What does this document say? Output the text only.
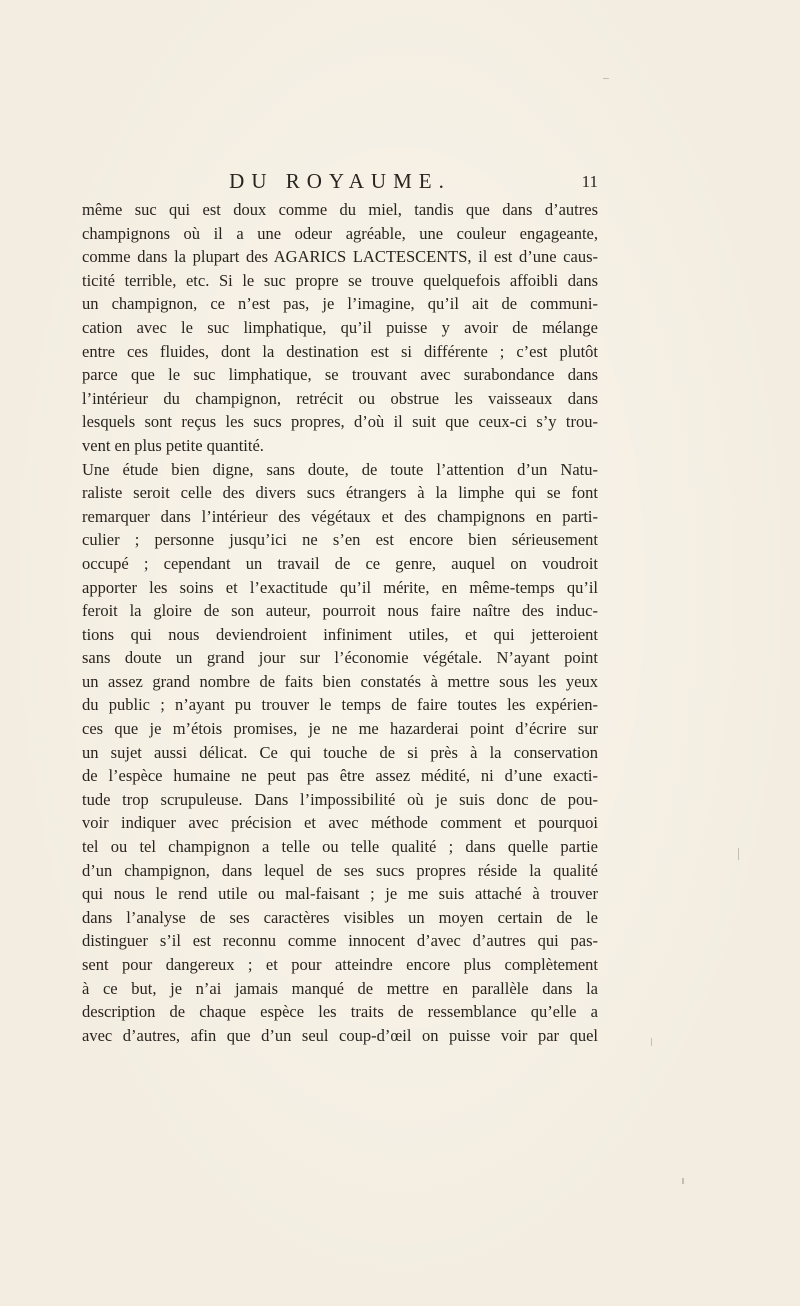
DU ROYAUME.	11
même suc qui est doux comme du miel, tandis que dans d’autres
champignons où il a une odeur agréable, une couleur engageante,
comme dans la plupart des AGARICS LACTESCENTS, il est d’une caus-
ticité terrible, etc. Si le suc propre se trouve quelquefois affoibli dans
un champignon, ce n’est pas, je l’imagine, qu’il ait de communi-
cation avec le suc limphatique, qu’il puisse y avoir de mélange
entre ces fluides, dont la destination est si différente ; c’est plutôt
parce que le suc limphatique, se trouvant avec surabondance dans
l’intérieur du champignon, retrécit ou obstrue les vaisseaux dans
lesquels sont reçus les sucs propres, d’où il suit que ceux-ci s’y trou-
vent en plus petite quantité.
Une étude bien digne, sans doute, de toute l’attention d’un Natu-
raliste seroit celle des divers sucs étrangers à la limphe qui se font
remarquer dans l’intérieur des végétaux et des champignons en parti-
culier ; personne jusqu’ici ne s’en est encore bien sérieusement
occupé ; cependant un travail de ce genre, auquel on voudroit
apporter les soins et l’exactitude qu’il mérite, en même-temps qu’il
feroit la gloire de son auteur, pourroit nous faire naître des induc-
tions qui nous deviendroient infiniment utiles, et qui jetteroient
sans doute un grand jour sur l’économie végétale. N’ayant point
un assez grand nombre de faits bien constatés à mettre sous les yeux
du public ; n’ayant pu trouver le temps de faire toutes les expérien-
ces que je m’étois promises, je ne me hazarderai point d’écrire sur
un sujet aussi délicat. Ce qui touche de si près à la conservation
de l’espèce humaine ne peut pas être assez médité, ni d’une exacti-
tude trop scrupuleuse. Dans l’impossibilité où je suis donc de pou-
voir indiquer avec précision et avec méthode comment et pourquoi
tel ou tel champignon a telle ou telle qualité ; dans quelle partie
d’un champignon, dans lequel de ses sucs propres réside la qualité
qui nous le rend utile ou mal-faisant ; je me suis attaché à trouver
dans l’analyse de ses caractères visibles un moyen certain de le
distinguer s’il est reconnu comme innocent d’avec d’autres qui pas-
sent pour dangereux ; et pour atteindre encore plus complètement
à ce but, je n’ai jamais manqué de mettre en parallèle dans la
description de chaque espèce les traits de ressemblance qu’elle a
avec d’autres, afin que d’un seul coup-d’œil on puisse voir par quel
